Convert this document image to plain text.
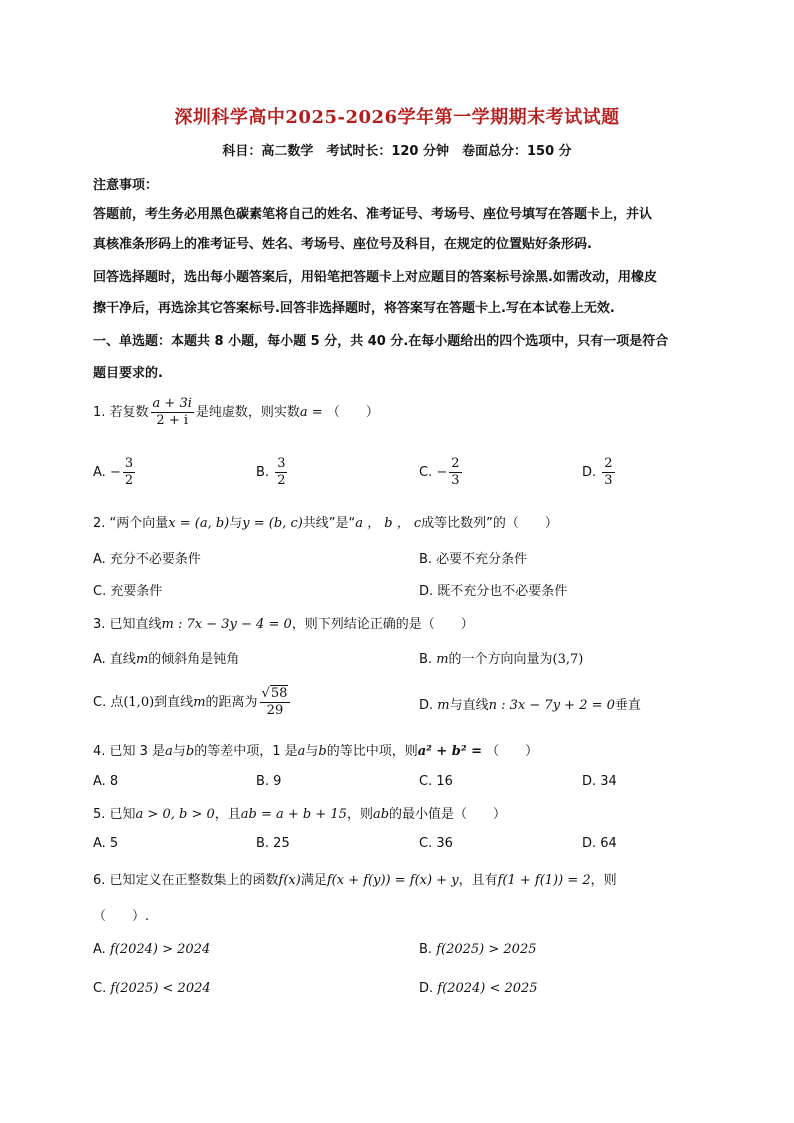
深圳科学高中2025-2026学年第一学期期末考试试题
科目：高二数学　考试时长：120 分钟　卷面总分：150 分
注意事项：
答题前，考生务必用黑色碳素笔将自己的姓名、准考证号、考场号、座位号填写在答题卡上，并认
真核准条形码上的准考证号、姓名、考场号、座位号及科目，在规定的位置贴好条形码.
回答选择题时，选出每小题答案后，用铅笔把答题卡上对应题目的答案标号涂黑.如需改动，用橡皮
擦干净后，再选涂其它答案标号.回答非选择题时，将答案写在答题卡上.写在本试卷上无效.
一、单选题：本题共 8 小题，每小题 5 分，共 40 分.在每小题给出的四个选项中，只有一项是符合
题目要求的.
1. 若复数 $\frac{a + 3i}{2 + i}$ 是纯虚数，则实数a = （　　）
A. − $\frac{3}{2}$	B. $\frac{3}{2}$	C. − $\frac{2}{3}$	D. $\frac{2}{3}$
2. “两个向量x = (a, b)与y = (b, c)共线”是“a ， b ， c成等比数列”的（　　）
A. 充分不必要条件	B. 必要不充分条件
C. 充要条件	D. 既不充分也不必要条件
3. 已知直线m : 7x − 3y − 4 = 0，则下列结论正确的是（　　）
A. 直线m的倾斜角是钝角	B. m的一个方向向量为(3,7)
C. 点(1,0)到直线m的距离为 $\frac{√58}{29}$	D. m与直线n : 3x − 7y + 2 = 0垂直
4. 已知 3 是a与b的等差中项，1 是a与b的等比中项，则a² + b² = （　　）
A. 8	B. 9	C. 16	D. 34
5. 已知a > 0, b > 0，且ab = a + b + 15，则ab的最小值是（　　）
A. 5	B. 25	C. 36	D. 64
6. 已知定义在正整数集上的函数f(x)满足f(x + f(y)) = f(x) + y，且有f(1 + f(1)) = 2，则
（　　）.
A. f(2024) > 2024	B. f(2025) > 2025
C. f(2025) < 2024	D. f(2024) < 2025
